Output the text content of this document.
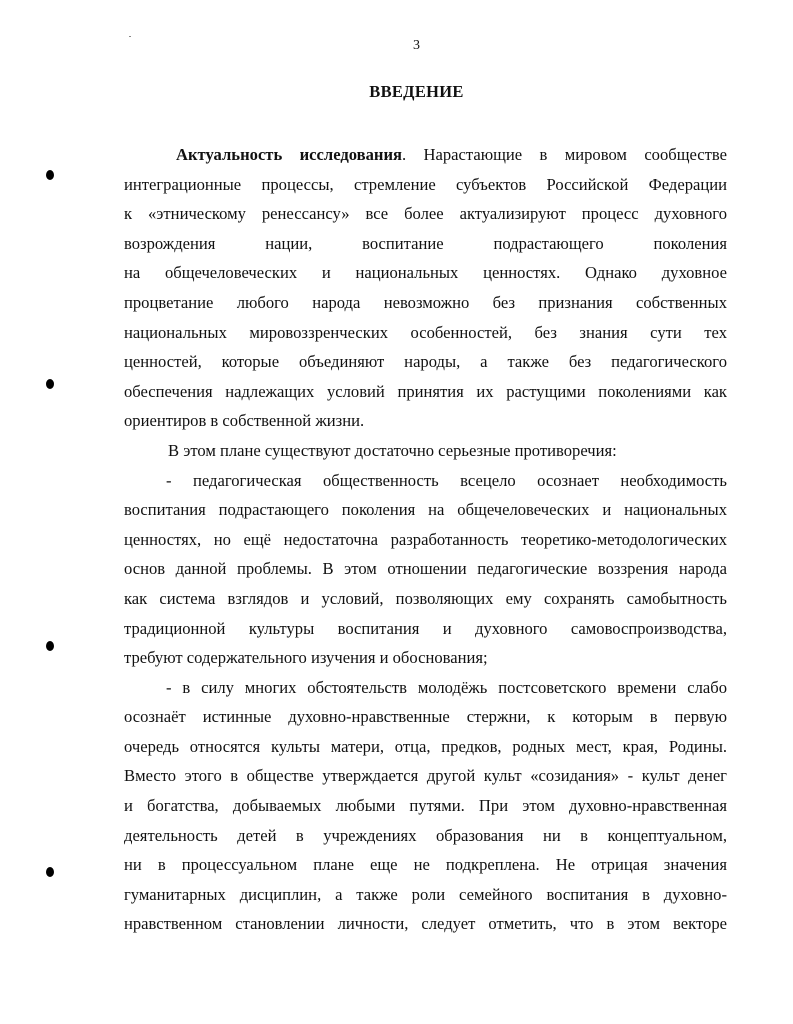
3
ВВЕДЕНИЕ
Актуальность исследования. Нарастающие в мировом сообществе
интеграционные процессы, стремление субъектов Российской Федерации
к «этническому ренессансу» все более актуализируют процесс духовного
возрождения нации, воспитание подрастающего поколения
на общечеловеческих и национальных ценностях. Однако духовное
процветание любого народа невозможно без признания собственных
национальных мировоззренческих особенностей, без знания сути тех
ценностей, которые объединяют народы, а также без педагогического
обеспечения надлежащих условий принятия их растущими поколениями как
ориентиров в собственной жизни.
В этом плане существуют достаточно серьезные противоречия:
- педагогическая общественность всецело осознает необходимость
воспитания подрастающего поколения на общечеловеческих и национальных
ценностях, но ещё недостаточна разработанность теоретико-методологических
основ данной проблемы. В этом отношении педагогические воззрения народа
как система взглядов и условий, позволяющих ему сохранять самобытность
традиционной культуры воспитания и духовного самовоспроизводства,
требуют содержательного изучения и обоснования;
- в силу многих обстоятельств молодёжь постсоветского времени слабо
осознаёт истинные духовно-нравственные стержни, к которым в первую
очередь относятся культы матери, отца, предков, родных мест, края, Родины.
Вместо этого в обществе утверждается другой культ «созидания» - культ денег
и богатства, добываемых любыми путями. При этом духовно-нравственная
деятельность детей в учреждениях образования ни в концептуальном,
ни в процессуальном плане еще не подкреплена. Не отрицая значения
гуманитарных дисциплин, а также роли семейного воспитания в духовно-
нравственном становлении личности, следует отметить, что в этом векторе
